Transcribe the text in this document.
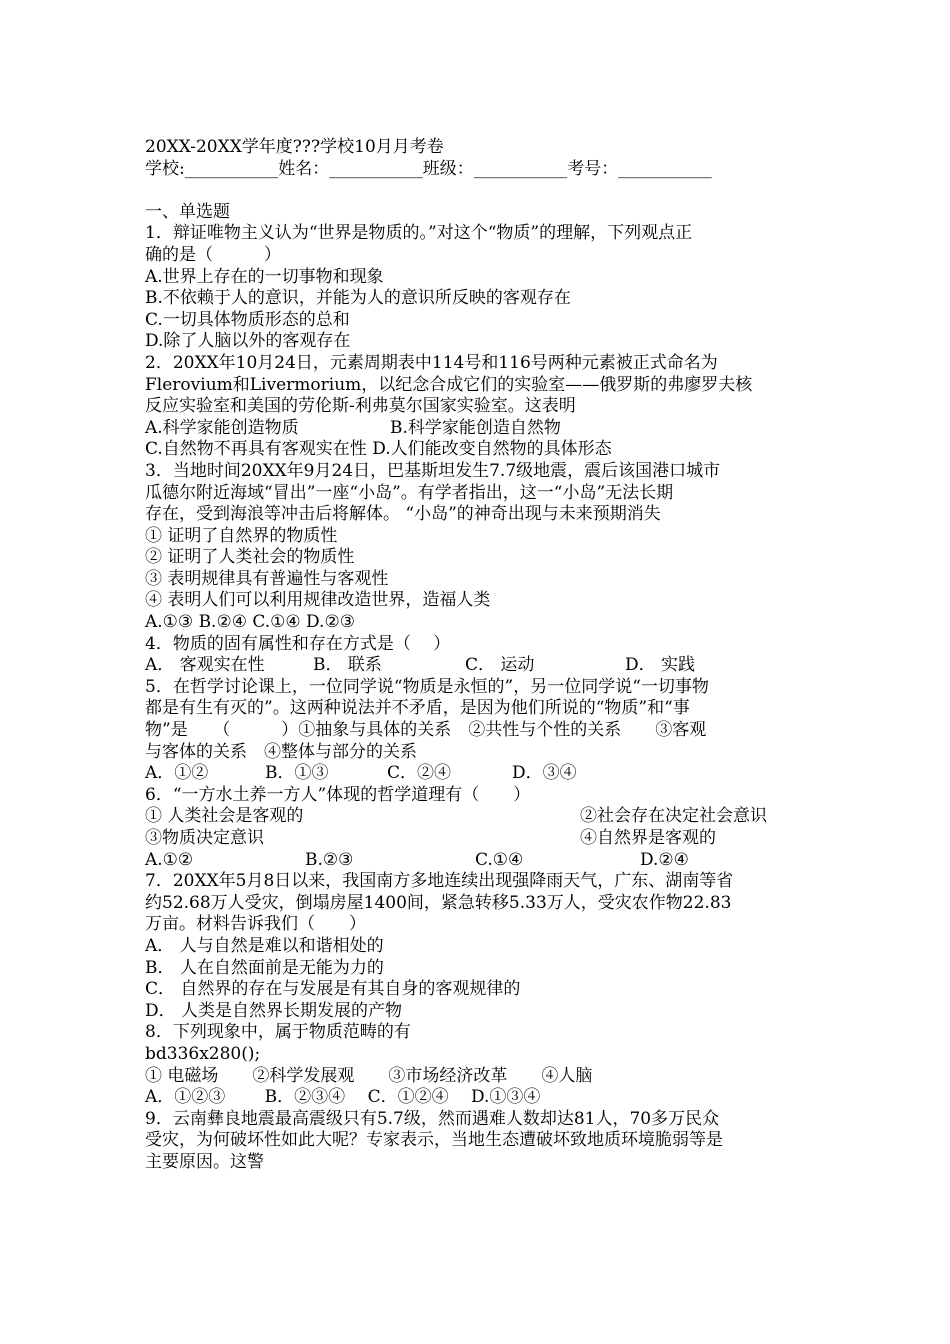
20XX-20XX学年度???学校10月月考卷
学校:___________姓名：___________班级：___________考号：___________
一、单选题
1．辩证唯物主义认为“世界是物质的。”对这个“物质”的理解，下列观点正
确的是（　　　）
A.世界上存在的一切事物和现象
B.不依赖于人的意识，并能为人的意识所反映的客观存在
C.一切具体物质形态的总和
D.除了人脑以外的客观存在
2．20XX年10月24日，元素周期表中114号和116号两种元素被正式命名为
Flerovium和Livermorium，以纪念合成它们的实验室——俄罗斯的弗廖罗夫核
反应实验室和美国的劳伦斯-利弗莫尔国家实验室。这表明
A.科学家能创造物质	B.科学家能创造自然物
C.自然物不再具有客观实在性 D.人们能改变自然物的具体形态
3．当地时间20XX年9月24日，巴基斯坦发生7.7级地震，震后该国港口城市
瓜德尔附近海域“冒出”一座“小岛”。有学者指出，这一“小岛”无法长期
存在，受到海浪等冲击后将解体。 “小岛”的神奇出现与未来预期消失
① 证明了自然界的物质性
② 证明了人类社会的物质性
③ 表明规律具有普遍性与客观性
④ 表明人们可以利用规律改造世界，造福人类
A.①③ B.②④ C.①④ D.②③
4．物质的固有属性和存在方式是（　 ）
A． 客观实在性	B． 联系	C． 运动	D． 实践
5．在哲学讨论课上，一位同学说“物质是永恒的”，另一位同学说“一切事物
都是有生有灭的”。这两种说法并不矛盾，是因为他们所说的“物质”和“事
物”是　　（　　　）①抽象与具体的关系　②共性与个性的关系　　③客观
与客体的关系　④整体与部分的关系
A．①②	B．①③	C．②④	D．③④
6．“一方水土养一方人”体现的哲学道理有（　　）
① 人类社会是客观的	②社会存在决定社会意识
③物质决定意识	④自然界是客观的
A.①②	B.②③	C.①④	D.②④
7．20XX年5月8日以来，我国南方多地连续出现强降雨天气，广东、湖南等省
约52.68万人受灾，倒塌房屋1400间，紧急转移5.33万人，受灾农作物22.83
万亩。材料告诉我们（　　）
A． 人与自然是难以和谐相处的
B． 人在自然面前是无能为力的
C． 自然界的存在与发展是有其自身的客观规律的
D． 人类是自然界长期发展的产物
8．下列现象中，属于物质范畴的有
bd336x280();
① 电磁场　　②科学发展观　　③市场经济改革　　④人脑
A．①②③　　 B．②③④　 C．①②④　 D.①③④
9．云南彝良地震最高震级只有5.7级，然而遇难人数却达81人，70多万民众
受灾，为何破坏性如此大呢？专家表示，当地生态遭破坏致地质环境脆弱等是
主要原因。这警
